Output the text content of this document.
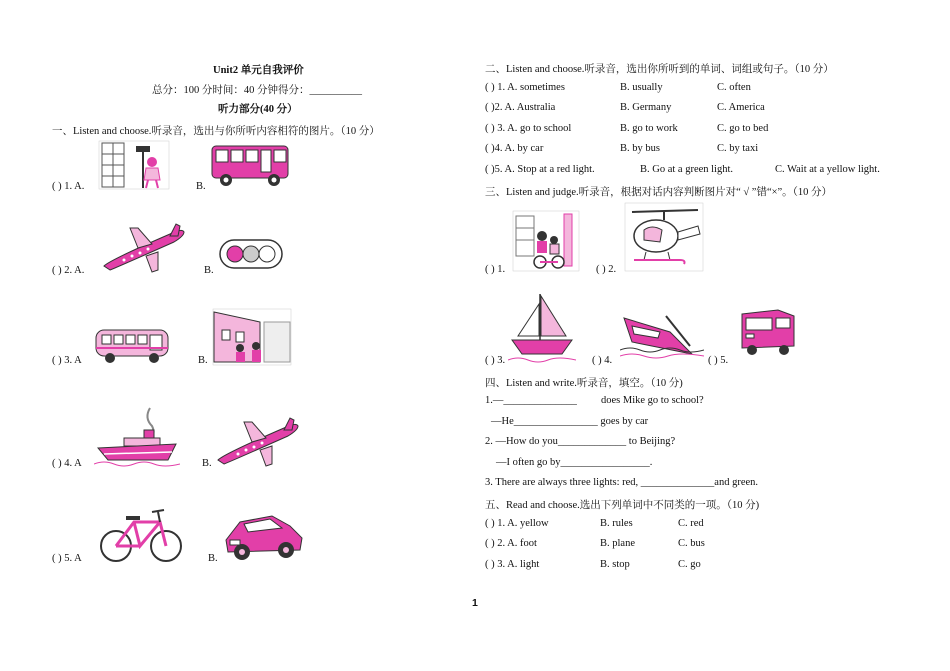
Unit2 单元自我评价
总分：100 分时间：40 分钟得分：__________
听力部分(40 分）
一、Listen and choose.听录音，选出与你所听内容相符的图片。（10 分）
( ) 1. A.	B.
( ) 2. A.	B.
( ) 3. A	B.
( ) 4. A	B.
( ) 5. A	B.
二、Listen and choose.听录音，选出你所听到的单词、词组或句子。（10 分）
( ) 1. A. sometimes	B. usually	C. often
( )2. A. Australia	B. Germany	C. America
( ) 3. A. go to school	B. go to work	C. go to bed
( )4. A. by car	B. by bus	C. by taxi
( )5. A. Stop at a red light.	B. Go at a green light.	C. Wait at a yellow light.
三、Listen and judge.听录音，根据对话内容判断图片对“ √ ”错“×”。（10 分）
( ) 1.	( ) 2.
( ) 3.	( ) 4.	( ) 5.
四、Listen and write.听录音，填空。（10 分)
1.—______________ does Mike go to school?
—He________________ goes by car
2. —How do you_____________ to Beijing?
—I often go by_________________.
3. There are always three lights: red, ______________and green.
五、Read and choose.选出下列单词中不同类的一项。（10 分)
( ) 1. A. yellow	B. rules	C. red
( ) 2. A. foot	B. plane	C. bus
( ) 3. A. light	B. stop	C. go
1
